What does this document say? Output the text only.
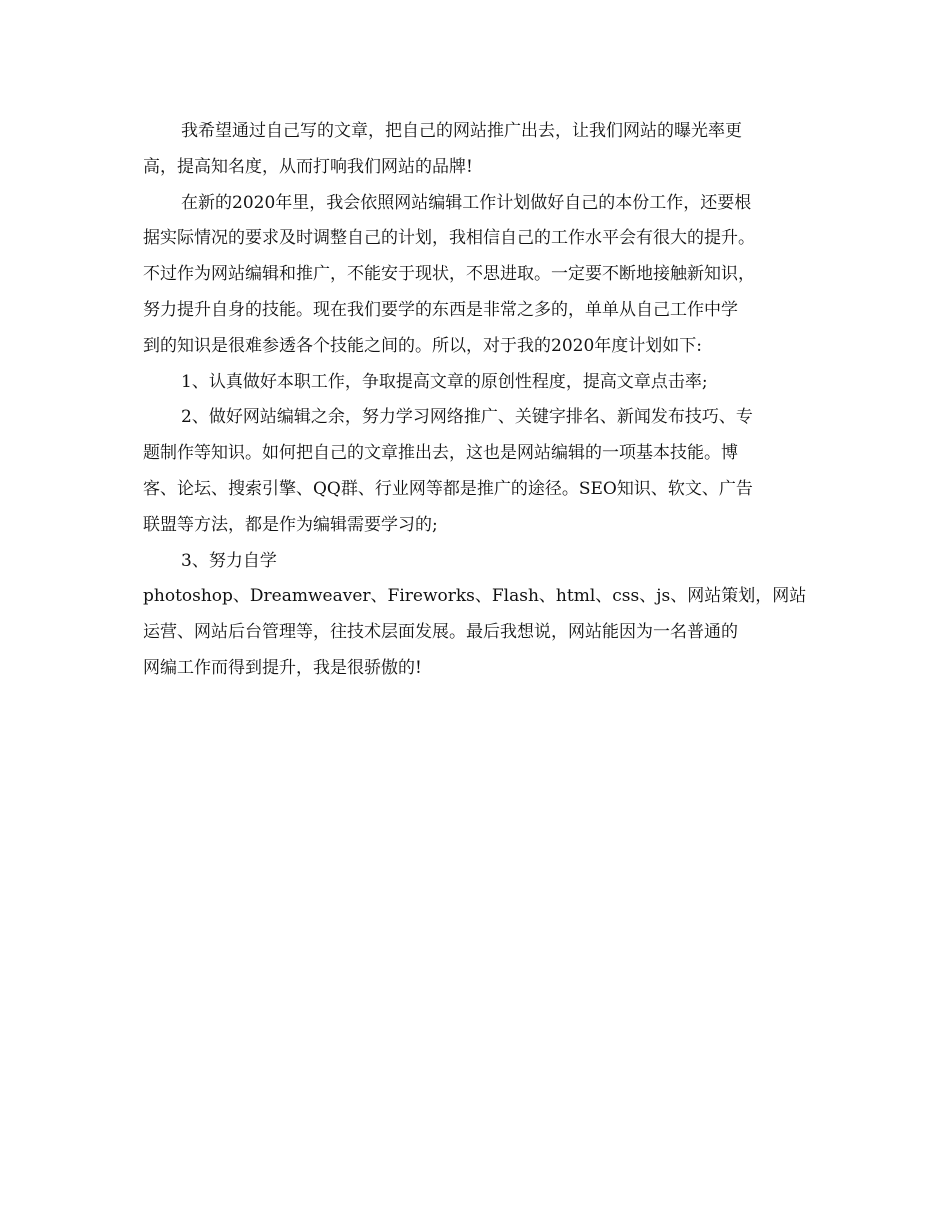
我希望通过自己写的文章，把自己的网站推广出去，让我们网站的曝光率更
高，提高知名度，从而打响我们网站的品牌!

在新的2020年里，我会依照网站编辑工作计划做好自己的本份工作，还要根
据实际情况的要求及时调整自己的计划，我相信自己的工作水平会有很大的提升。
不过作为网站编辑和推广，不能安于现状，不思进取。一定要不断地接触新知识，
努力提升自身的技能。现在我们要学的东西是非常之多的，单单从自己工作中学
到的知识是很难参透各个技能之间的。所以，对于我的2020年度计划如下:

1、认真做好本职工作，争取提高文章的原创性程度，提高文章点击率;

2、做好网站编辑之余，努力学习网络推广、关键字排名、新闻发布技巧、专
题制作等知识。如何把自己的文章推出去，这也是网站编辑的一项基本技能。博
客、论坛、搜索引擎、QQ群、行业网等都是推广的途径。SEO知识、软文、广告
联盟等方法，都是作为编辑需要学习的;

3、努力自学
photoshop、Dreamweaver、Fireworks、Flash、html、css、js、网站策划，网站
运营、网站后台管理等，往技术层面发展。最后我想说，网站能因为一名普通的
网编工作而得到提升，我是很骄傲的!
